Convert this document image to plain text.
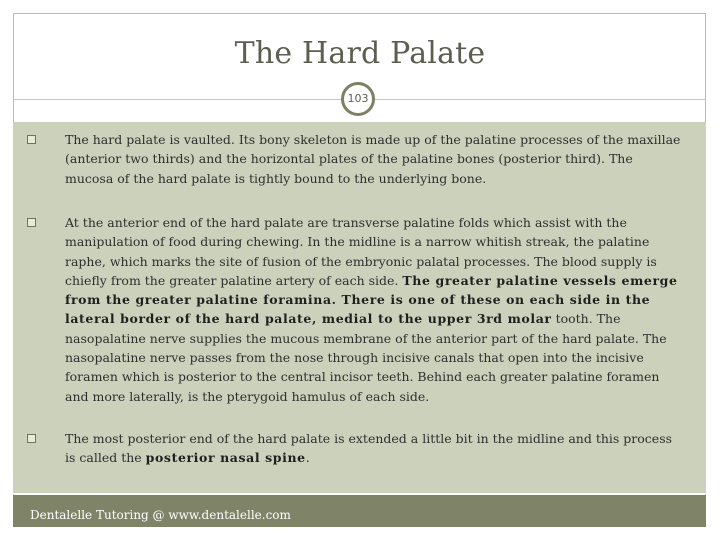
The Hard Palate
103
The hard palate is vaulted. Its bony skeleton is made up of the palatine processes of the maxillae (anterior two thirds) and the horizontal plates of the palatine bones (posterior third). The mucosa of the hard palate is tightly bound to the underlying bone.
At the anterior end of the hard palate are transverse palatine folds which assist with the manipulation of food during chewing. In the midline is a narrow whitish streak, the palatine raphe, which marks the site of fusion of the embryonic palatal processes. The blood supply is chiefly from the greater palatine artery of each side. The greater palatine vessels emerge from the greater palatine foramina. There is one of these on each side in the lateral border of the hard palate, medial to the upper 3rd molar tooth. The nasopalatine nerve supplies the mucous membrane of the anterior part of the hard palate. The nasopalatine nerve passes from the nose through incisive canals that open into the incisive foramen which is posterior to the central incisor teeth. Behind each greater palatine foramen and more laterally, is the pterygoid hamulus of each side.
The most posterior end of the hard palate is extended a little bit in the midline and this process is called the posterior nasal spine.
Dentalelle Tutoring @ www.dentalelle.com
